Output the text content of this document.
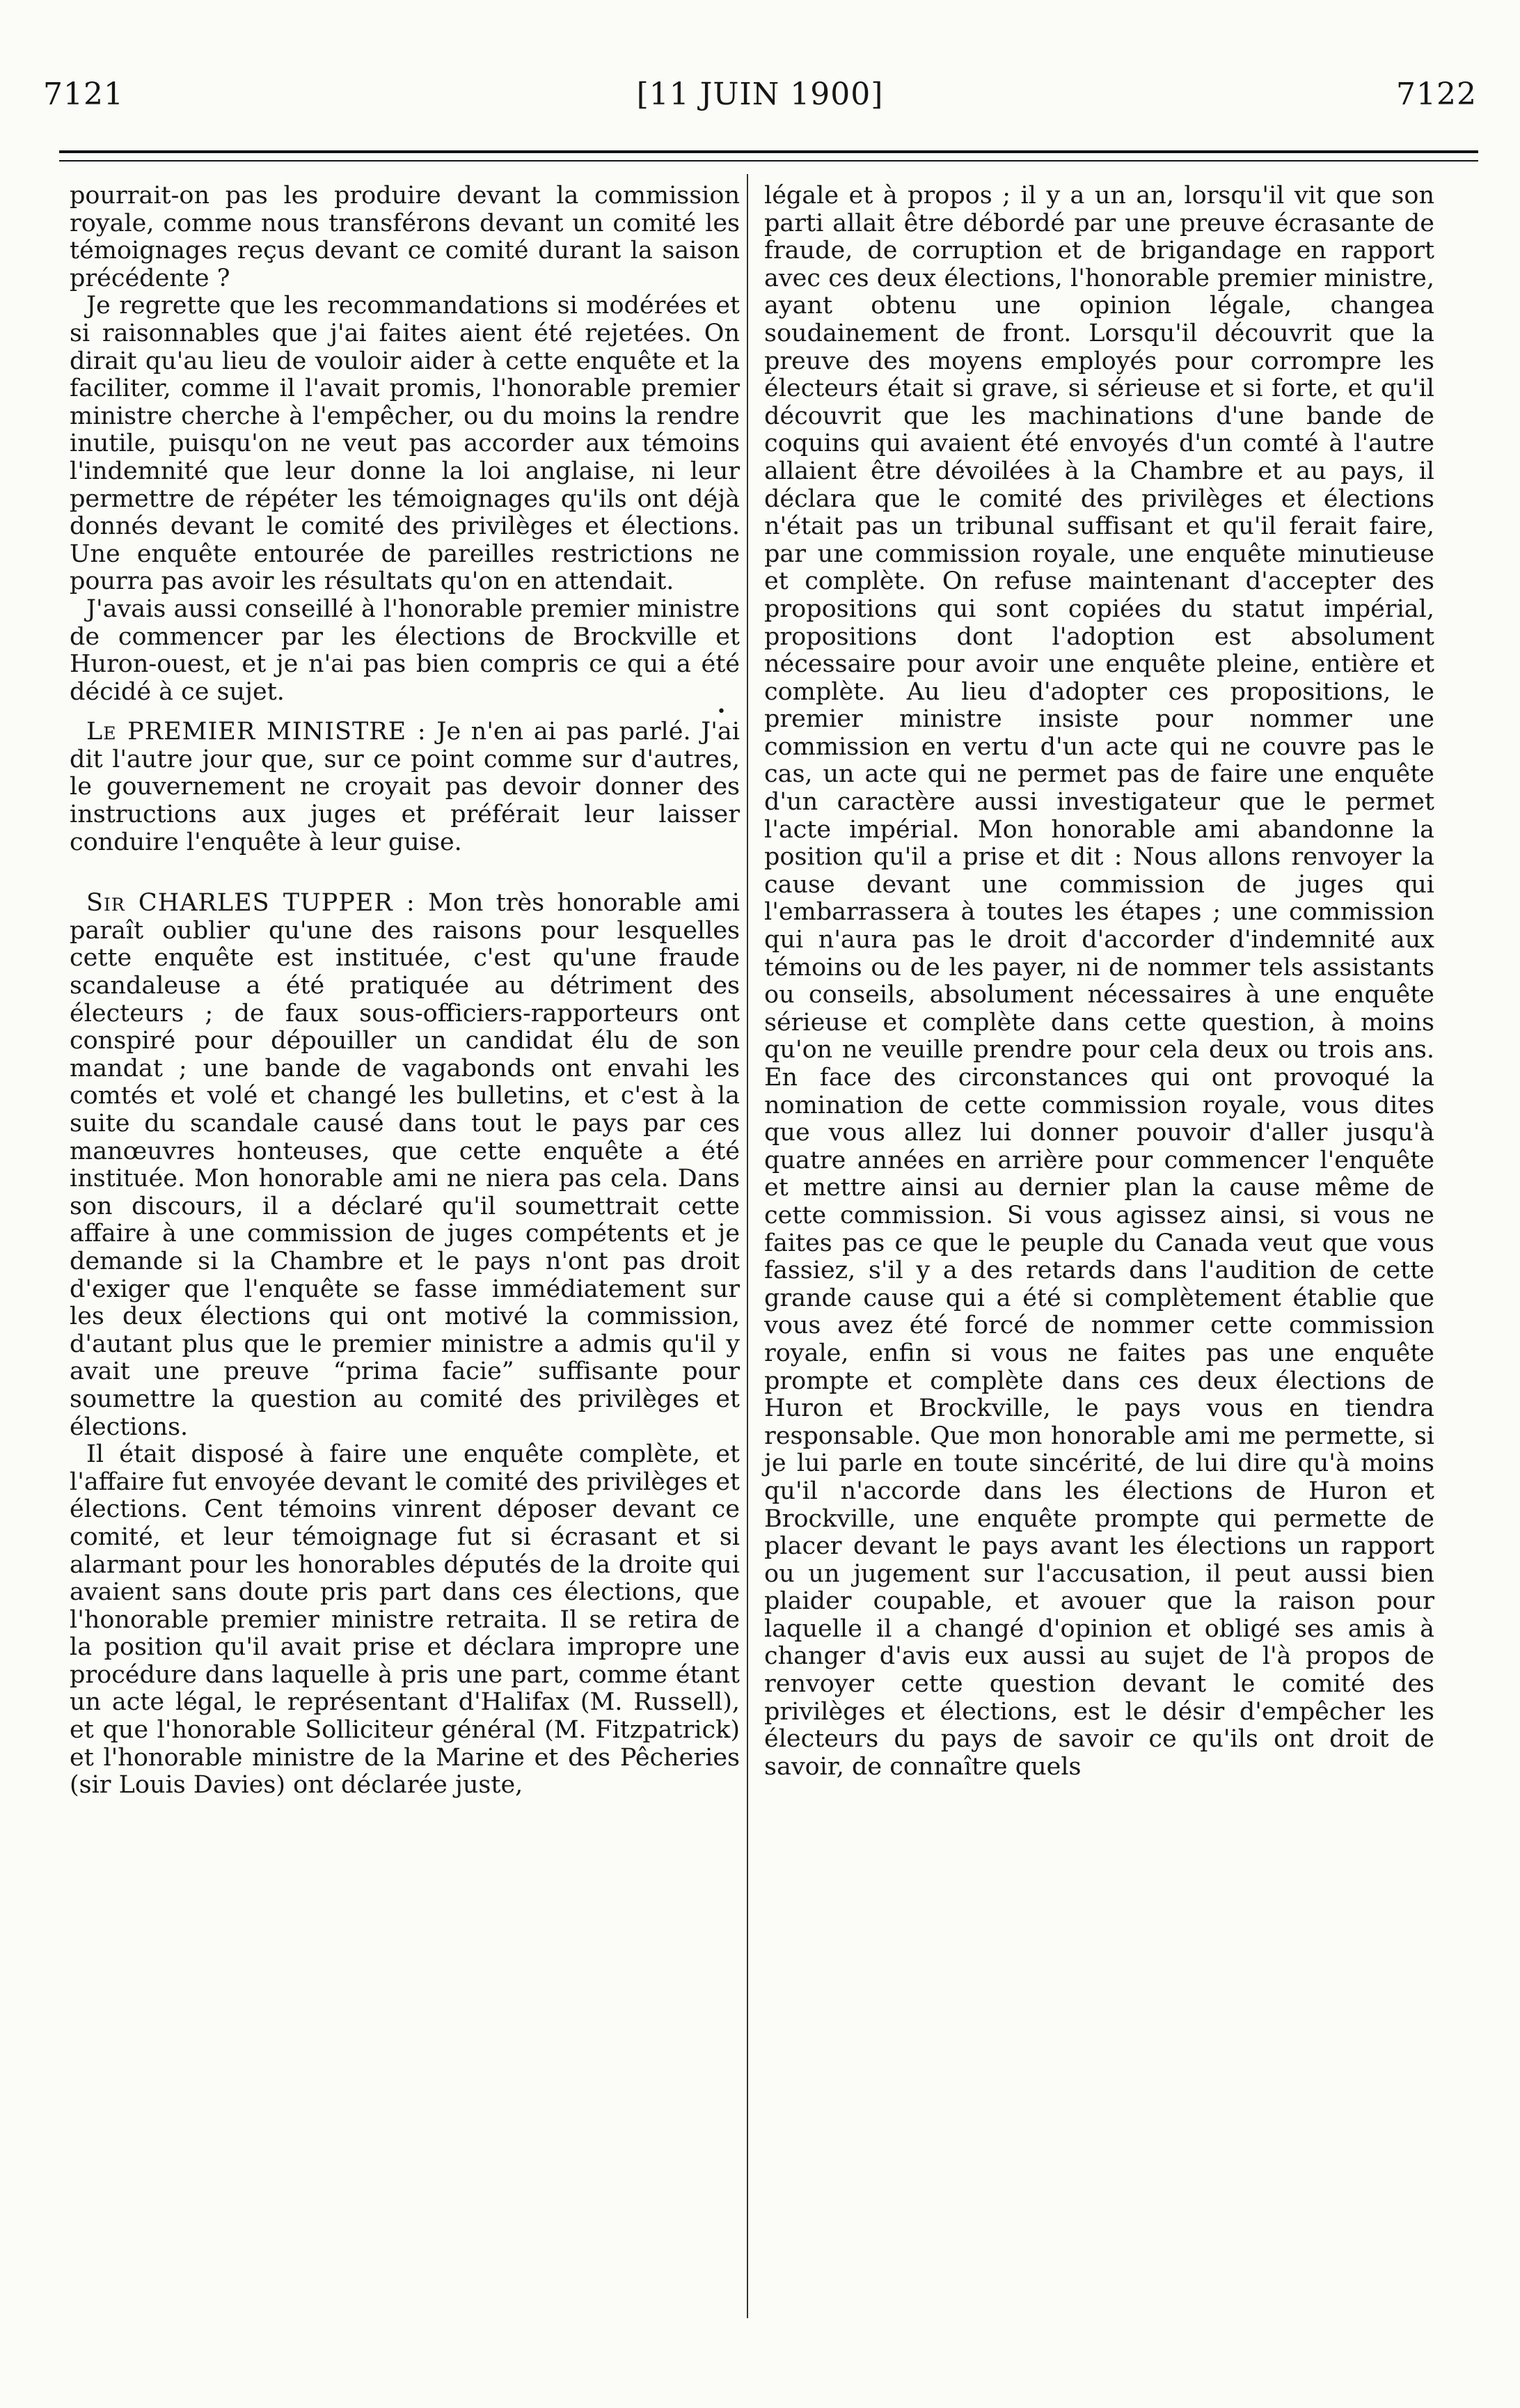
7121	[11 JUIN 1900]	7122

pourrait-on pas les produire devant la commission royale, comme nous transférons devant un comité les témoignages reçus devant ce comité durant la saison précédente ?

Je regrette que les recommandations si modérées et si raisonnables que j'ai faites aient été rejetées. On dirait qu'au lieu de vouloir aider à cette enquête et la faciliter, comme il l'avait promis, l'honorable premier ministre cherche à l'empêcher, ou du moins la rendre inutile, puisqu'on ne veut pas accorder aux témoins l'indemnité que leur donne la loi anglaise, ni leur permettre de répéter les témoignages qu'ils ont déjà donnés devant le comité des privilèges et élections. Une enquête entourée de pareilles restrictions ne pourra pas avoir les résultats qu'on en attendait.

J'avais aussi conseillé à l'honorable premier ministre de commencer par les élections de Brockville et Huron-ouest, et je n'ai pas bien compris ce qui a été décidé à ce sujet.

•

Le PREMIER MINISTRE : Je n'en ai pas parlé. J'ai dit l'autre jour que, sur ce point comme sur d'autres, le gouvernement ne croyait pas devoir donner des instructions aux juges et préférait leur laisser conduire l'enquête à leur guise.

Sir CHARLES TUPPER : Mon très honorable ami paraît oublier qu'une des raisons pour lesquelles cette enquête est instituée, c'est qu'une fraude scandaleuse a été pratiquée au détriment des électeurs ; de faux sous-officiers-rapporteurs ont conspiré pour dépouiller un candidat élu de son mandat ; une bande de vagabonds ont envahi les comtés et volé et changé les bulletins, et c'est à la suite du scandale causé dans tout le pays par ces manœuvres honteuses, que cette enquête a été instituée. Mon honorable ami ne niera pas cela. Dans son discours, il a déclaré qu'il soumettrait cette affaire à une commission de juges compétents et je demande si la Chambre et le pays n'ont pas droit d'exiger que l'enquête se fasse immédiatement sur les deux élections qui ont motivé la commission, d'autant plus que le premier ministre a admis qu'il y avait une preuve “prima facie” suffisante pour soumettre la question au comité des privilèges et élections.

Il était disposé à faire une enquête complète, et l'affaire fut envoyée devant le comité des privilèges et élections. Cent témoins vinrent déposer devant ce comité, et leur témoignage fut si écrasant et si alarmant pour les honorables députés de la droite qui avaient sans doute pris part dans ces élections, que l'honorable premier ministre retraita. Il se retira de la position qu'il avait prise et déclara impropre une procédure dans laquelle à pris une part, comme étant un acte légal, le représentant d'Halifax (M. Russell), et que l'honorable Solliciteur général (M. Fitzpatrick) et l'honorable ministre de la Marine et des Pêcheries (sir Louis Davies) ont déclarée juste,

légale et à propos ; il y a un an, lorsqu'il vit que son parti allait être débordé par une preuve écrasante de fraude, de corruption et de brigandage en rapport avec ces deux élections, l'honorable premier ministre, ayant obtenu une opinion légale, changea soudainement de front. Lorsqu'il découvrit que la preuve des moyens employés pour corrompre les électeurs était si grave, si sérieuse et si forte, et qu'il découvrit que les machinations d'une bande de coquins qui avaient été envoyés d'un comté à l'autre allaient être dévoilées à la Chambre et au pays, il déclara que le comité des privilèges et élections n'était pas un tribunal suffisant et qu'il ferait faire, par une commission royale, une enquête minutieuse et complète. On refuse maintenant d'accepter des propositions qui sont copiées du statut impérial, propositions dont l'adoption est absolument nécessaire pour avoir une enquête pleine, entière et complète. Au lieu d'adopter ces propositions, le premier ministre insiste pour nommer une commission en vertu d'un acte qui ne couvre pas le cas, un acte qui ne permet pas de faire une enquête d'un caractère aussi investigateur que le permet l'acte impérial. Mon honorable ami abandonne la position qu'il a prise et dit : Nous allons renvoyer la cause devant une commission de juges qui l'embarrassera à toutes les étapes ; une commission qui n'aura pas le droit d'accorder d'indemnité aux témoins ou de les payer, ni de nommer tels assistants ou conseils, absolument nécessaires à une enquête sérieuse et complète dans cette question, à moins qu'on ne veuille prendre pour cela deux ou trois ans. En face des circonstances qui ont provoqué la nomination de cette commission royale, vous dites que vous allez lui donner pouvoir d'aller jusqu'à quatre années en arrière pour commencer l'enquête et mettre ainsi au dernier plan la cause même de cette commission. Si vous agissez ainsi, si vous ne faites pas ce que le peuple du Canada veut que vous fassiez, s'il y a des retards dans l'audition de cette grande cause qui a été si complètement établie que vous avez été forcé de nommer cette commission royale, enfin si vous ne faites pas une enquête prompte et complète dans ces deux élections de Huron et Brockville, le pays vous en tiendra responsable. Que mon honorable ami me permette, si je lui parle en toute sincérité, de lui dire qu'à moins qu'il n'accorde dans les élections de Huron et Brockville, une enquête prompte qui permette de placer devant le pays avant les élections un rapport ou un jugement sur l'accusation, il peut aussi bien plaider coupable, et avouer que la raison pour laquelle il a changé d'opinion et obligé ses amis à changer d'avis eux aussi au sujet de l'à propos de renvoyer cette question devant le comité des privilèges et élections, est le désir d'empêcher les électeurs du pays de savoir ce qu'ils ont droit de savoir, de connaître quels
